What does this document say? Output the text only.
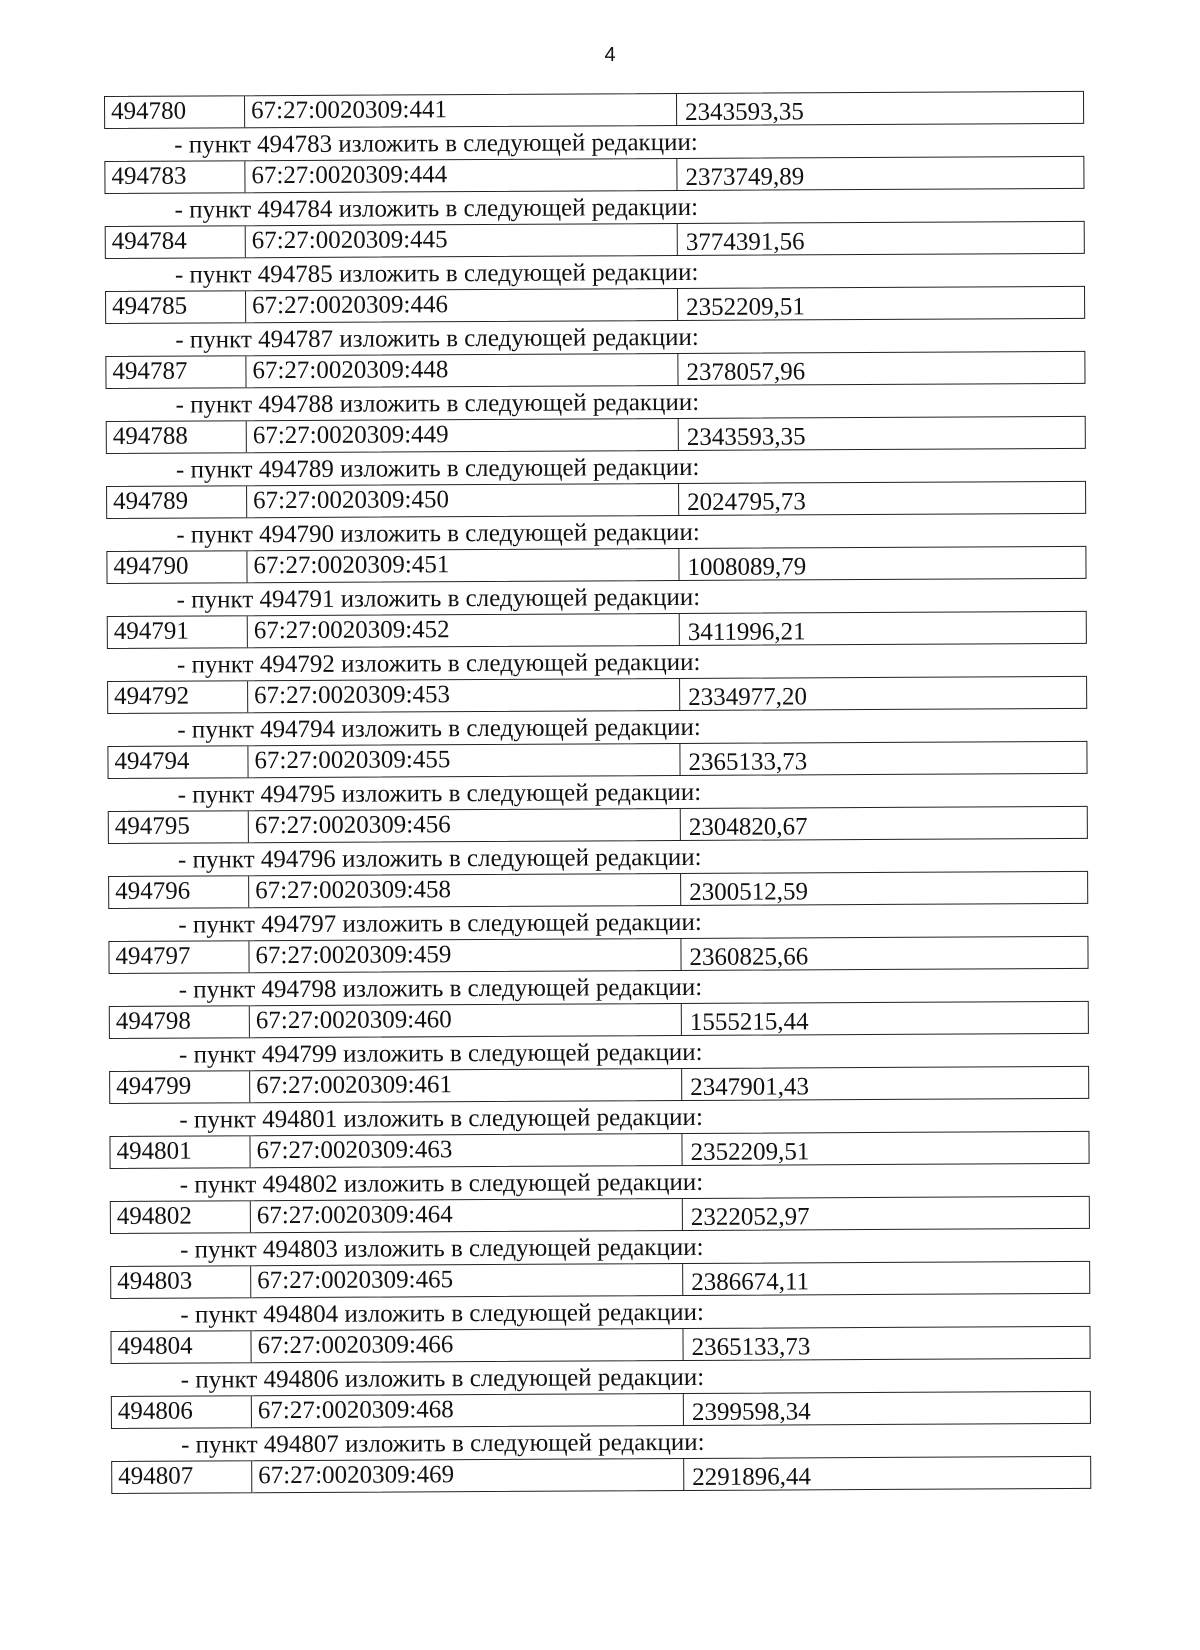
4
494780	67:27:0020309:441	2343593,35
- пункт 494783 изложить в следующей редакции:
494783	67:27:0020309:444	2373749,89
- пункт 494784 изложить в следующей редакции:
494784	67:27:0020309:445	3774391,56
- пункт 494785 изложить в следующей редакции:
494785	67:27:0020309:446	2352209,51
- пункт 494787 изложить в следующей редакции:
494787	67:27:0020309:448	2378057,96
- пункт 494788 изложить в следующей редакции:
494788	67:27:0020309:449	2343593,35
- пункт 494789 изложить в следующей редакции:
494789	67:27:0020309:450	2024795,73
- пункт 494790 изложить в следующей редакции:
494790	67:27:0020309:451	1008089,79
- пункт 494791 изложить в следующей редакции:
494791	67:27:0020309:452	3411996,21
- пункт 494792 изложить в следующей редакции:
494792	67:27:0020309:453	2334977,20
- пункт 494794 изложить в следующей редакции:
494794	67:27:0020309:455	2365133,73
- пункт 494795 изложить в следующей редакции:
494795	67:27:0020309:456	2304820,67
- пункт 494796 изложить в следующей редакции:
494796	67:27:0020309:458	2300512,59
- пункт 494797 изложить в следующей редакции:
494797	67:27:0020309:459	2360825,66
- пункт 494798 изложить в следующей редакции:
494798	67:27:0020309:460	1555215,44
- пункт 494799 изложить в следующей редакции:
494799	67:27:0020309:461	2347901,43
- пункт 494801 изложить в следующей редакции:
494801	67:27:0020309:463	2352209,51
- пункт 494802 изложить в следующей редакции:
494802	67:27:0020309:464	2322052,97
- пункт 494803 изложить в следующей редакции:
494803	67:27:0020309:465	2386674,11
- пункт 494804 изложить в следующей редакции:
494804	67:27:0020309:466	2365133,73
- пункт 494806 изложить в следующей редакции:
494806	67:27:0020309:468	2399598,34
- пункт 494807 изложить в следующей редакции:
494807	67:27:0020309:469	2291896,44
